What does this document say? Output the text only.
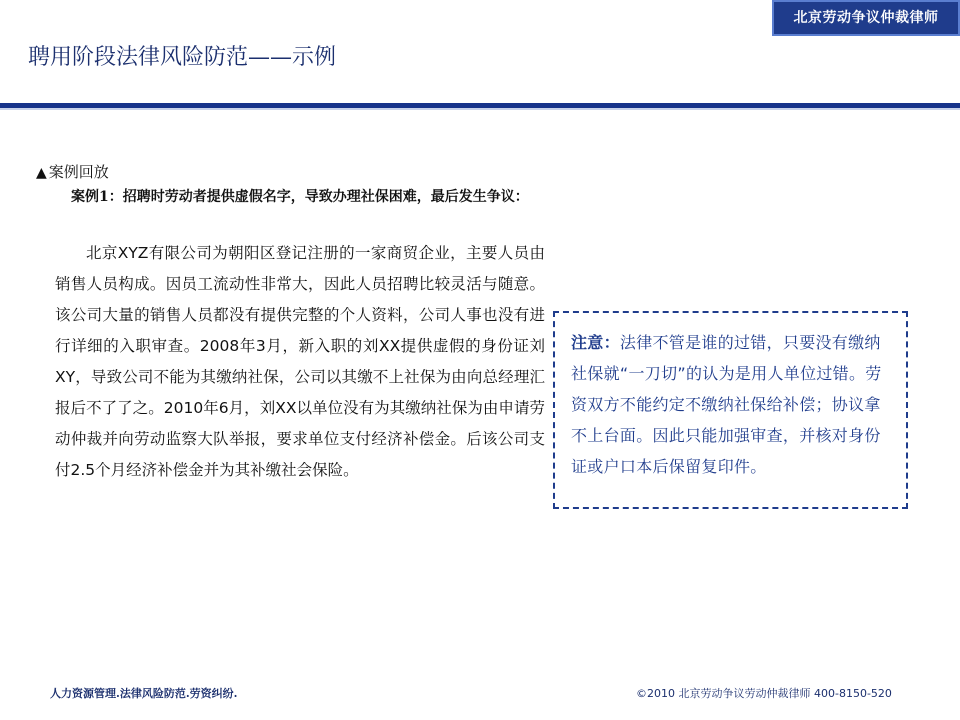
北京劳动争议仲裁律师
聘用阶段法律风险防范——示例
▲ 案例回放
案例1：招聘时劳动者提供虚假名字，导致办理社保困难，最后发生争议：
北京XYZ有限公司为朝阳区登记注册的一家商贸企业，主要人员由销售人员构成。因员工流动性非常大，因此人员招聘比较灵活与随意。该公司大量的销售人员都没有提供完整的个人资料，公司人事也没有进行详细的入职审查。2008年3月，新入职的刘XX提供虚假的身份证刘XY，导致公司不能为其缴纳社保，公司以其缴不上社保为由向总经理汇报后不了了之。2010年6月，刘XX以单位没有为其缴纳社保为由申请劳动仲裁并向劳动监察大队举报，要求单位支付经济补偿金。后该公司支付2.5个月经济补偿金并为其补缴社会保险。
注意：法律不管是谁的过错，只要没有缴纳社保就“一刀切”的认为是用人单位过错。劳资双方不能约定不缴纳社保给补偿；协议拿不上台面。因此只能加强审查，并核对身份证或户口本后保留复印件。
人力资源管理.法律风险防范.劳资纠纷.	©2010 北京劳动争议劳动仲裁律师 400-8150-520
